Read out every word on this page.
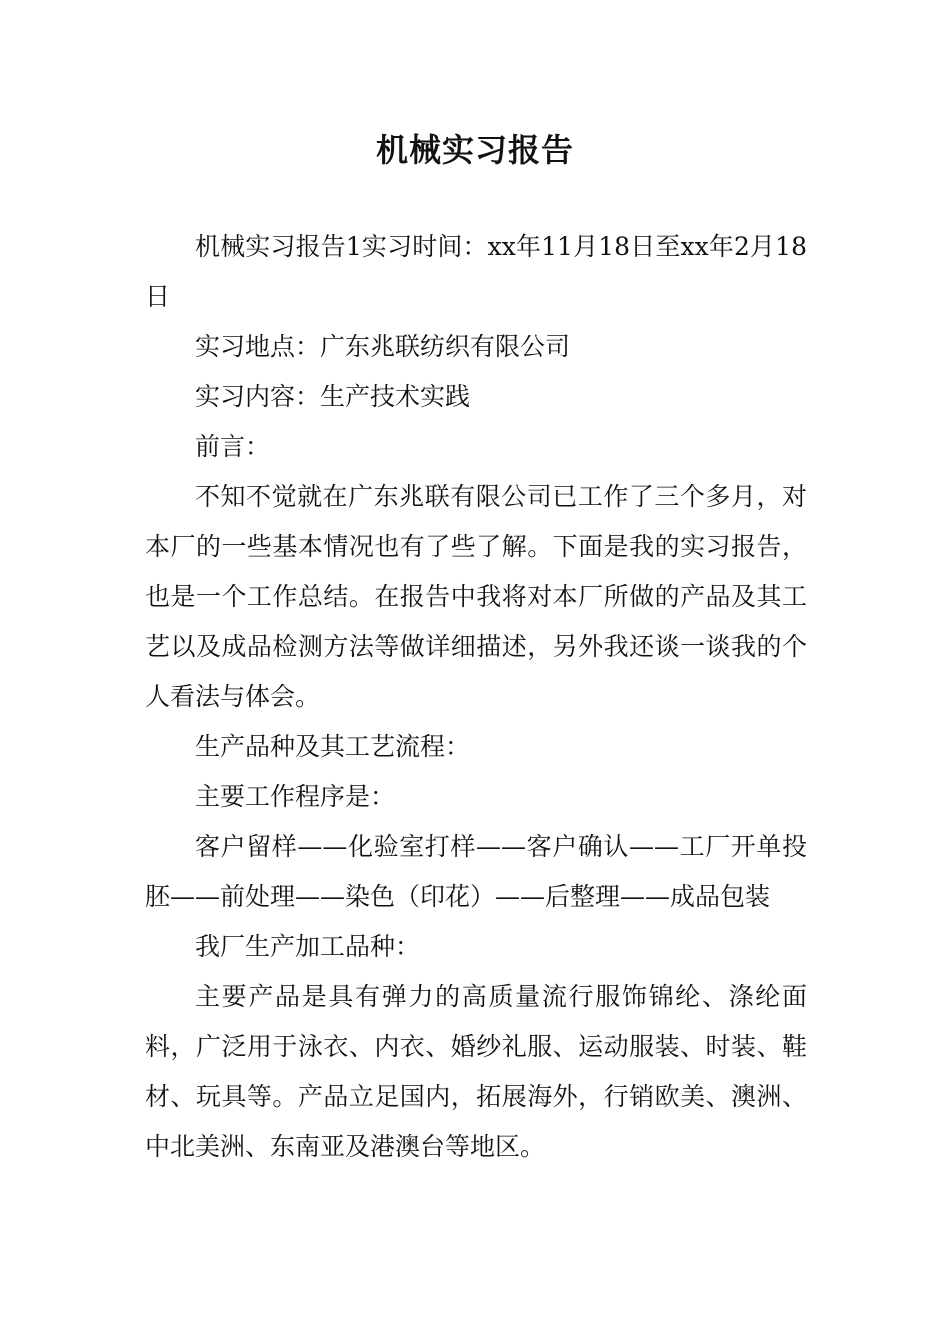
机械实习报告

机械实习报告1实习时间：xx年11月18日至xx年2月18日

实习地点：广东兆联纺织有限公司

实习内容：生产技术实践

前言：

不知不觉就在广东兆联有限公司已工作了三个多月，对本厂的一些基本情况也有了些了解。下面是我的实习报告，也是一个工作总结。在报告中我将对本厂所做的产品及其工艺以及成品检测方法等做详细描述，另外我还谈一谈我的个人看法与体会。

生产品种及其工艺流程：

主要工作程序是：

客户留样——化验室打样——客户确认——工厂开单投胚——前处理——染色（印花）——后整理——成品包装

我厂生产加工品种：

主要产品是具有弹力的高质量流行服饰锦纶、涤纶面料，广泛用于泳衣、内衣、婚纱礼服、运动服装、时装、鞋材、玩具等。产品立足国内，拓展海外，行销欧美、澳洲、中北美洲、东南亚及港澳台等地区。
